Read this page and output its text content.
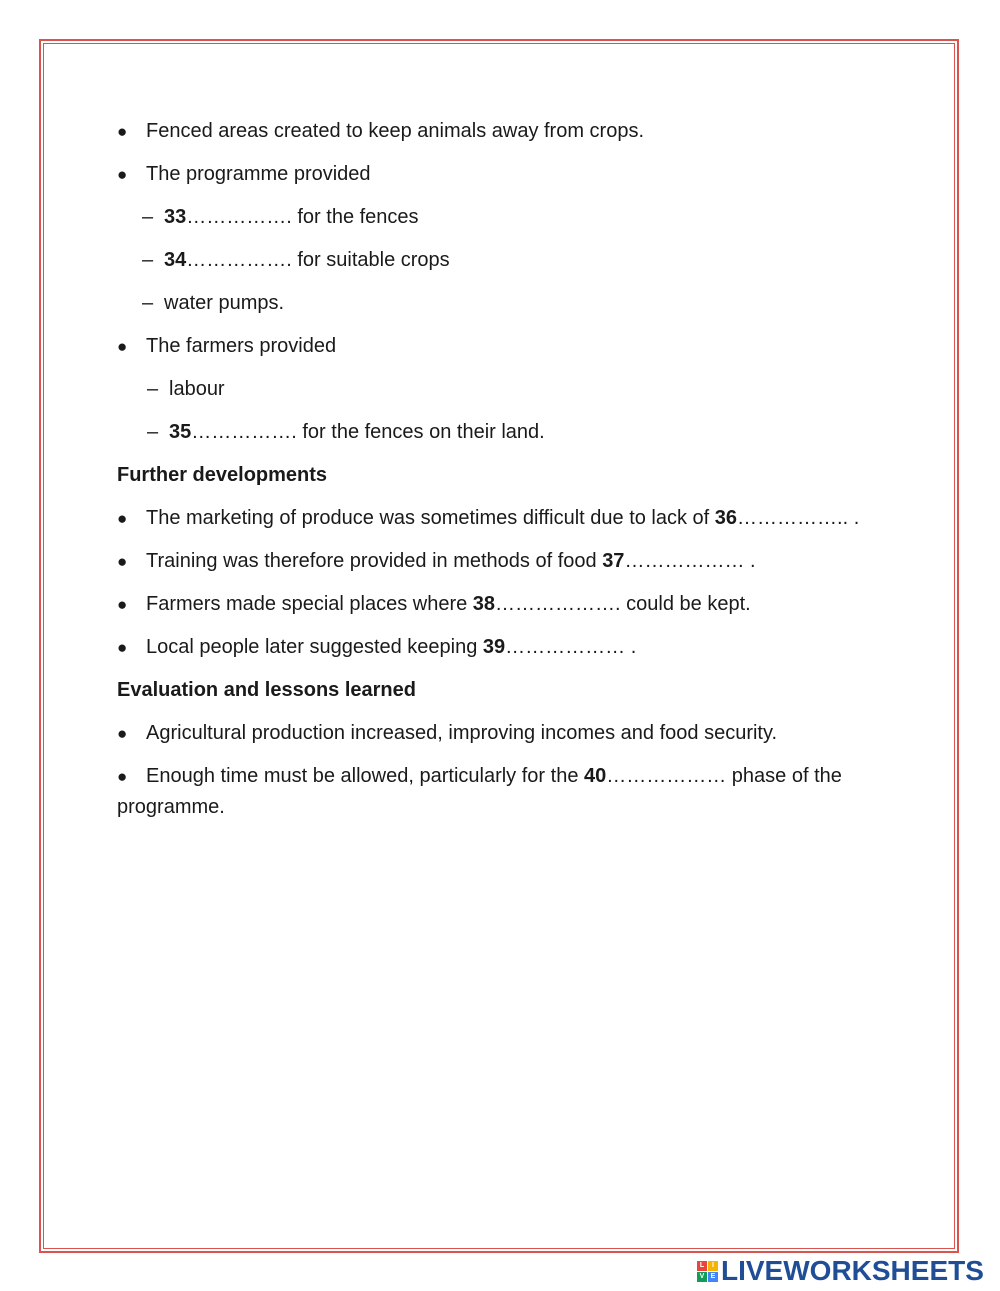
● Fenced areas created to keep animals away from crops.
● The programme provided
– 33……………. for the fences
– 34……………. for suitable crops
– water pumps.
● The farmers provided
– labour
– 35……………. for the fences on their land.
Further developments
● The marketing of produce was sometimes difficult due to lack of 36…………….. .
● Training was therefore provided in methods of food 37……………… .
● Farmers made special places where 38………………. could be kept.
● Local people later suggested keeping 39……………… .
Evaluation and lessons learned
● Agricultural production increased, improving incomes and food security.
● Enough time must be allowed, particularly for the 40……………… phase of the programme.
L	I
V E LIVEWORKSHEETS
